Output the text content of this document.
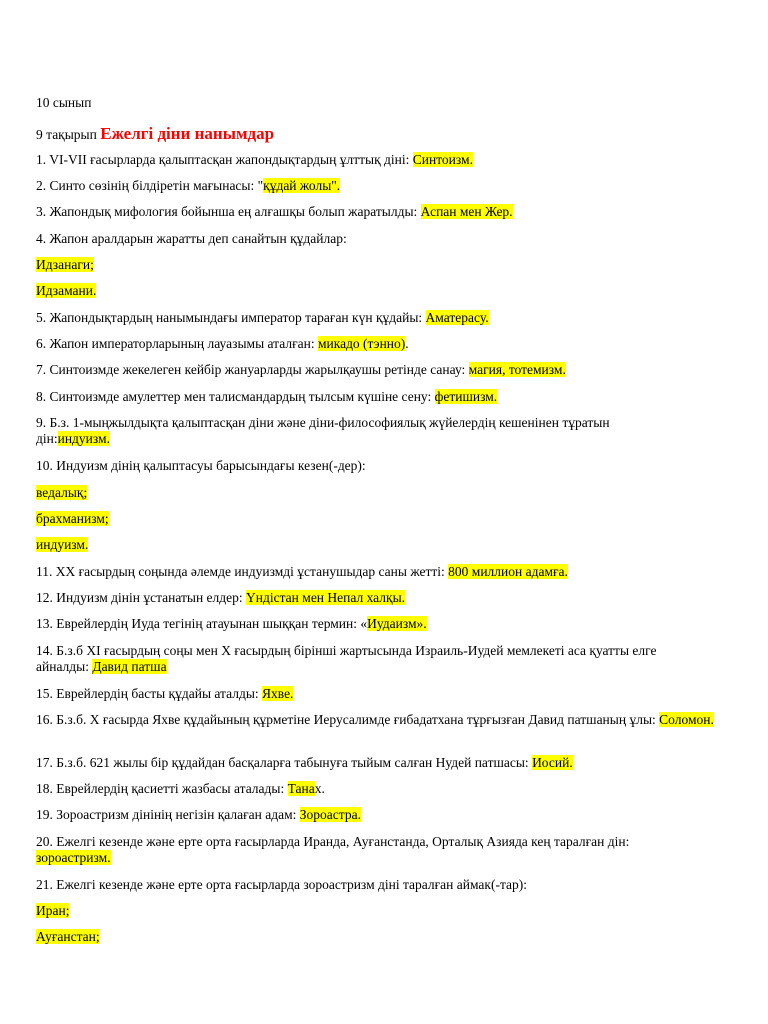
10 сынып
9 тақырып Ежелгі діни нанымдар
1. VI-VII ғасырларда қалыптасқан жапондықтардың ұлттық діні: Синтоизм.
2. Синто сөзінің білдіретін мағынасы: "құдай жолы".
3. Жапондық мифология бойынша ең алғашқы болып жаратылды: Аспан мен Жер.
4. Жапон аралдарын жаратты деп санайтын құдайлар:
Идзанаги;
Идзамани.
5. Жапондықтардың нанымындағы император тараған күн құдайы: Аматерасу.
6. Жапон императорларының лауазымы аталған: микадо (тэнно).
7. Синтоизмде жекелеген кейбір жануарларды жарылқаушы ретінде санау: магия, тотемизм.
8. Синтоизмде амулеттер мен талисмандардың тылсым күшіне сену: фетишизм.
9. Б.з. 1-мыңжылдықта қалыптасқан діни және діни-философиялық жүйелердің кешенінен тұратын дін:индуизм.
10. Индуизм дінің қалыптасуы барысындағы кезен(-дер):
ведалық;
брахманизм;
индуизм.
11. XX ғасырдың соңында әлемде индуизмді ұстанушыдар саны жетті: 800 миллион адамға.
12. Индуизм дінін ұстанатын елдер: Үндістан мен Непал халқы.
13. Еврейлердің Иуда тегінің атауынан шыққан термин: «Иудаизм».
14. Б.з.б XI ғасырдың соңы мен X ғасырдың бірінші жартысында Израиль-Иудей мемлекеті аса қуатты елге айналды: Давид патша
15. Еврейлердің басты құдайы аталды: Яхве.
16. Б.з.б. X ғасырда Яхве құдайының құрметіне Иерусалимде ғибадатхана тұрғызған Давид патшаның ұлы: Соломон.
17. Б.з.б. 621 жылы бір құдайдан басқаларға табынуға тыйым салған Нудей патшасы: Иосий.
18. Еврейлердің қасиетті жазбасы аталады: Танах.
19. Зороастризм дінінің негізін қалаған адам: Зороастра.
20. Ежелгі кезенде және ерте орта ғасырларда Иранда, Ауғанстанда, Орталық Азияда кең таралған дін: зороастризм.
21. Ежелгі кезенде және ерте орта ғасырларда зороастризм діні таралған аймак(-тар):
Иран;
Ауғанстан;
